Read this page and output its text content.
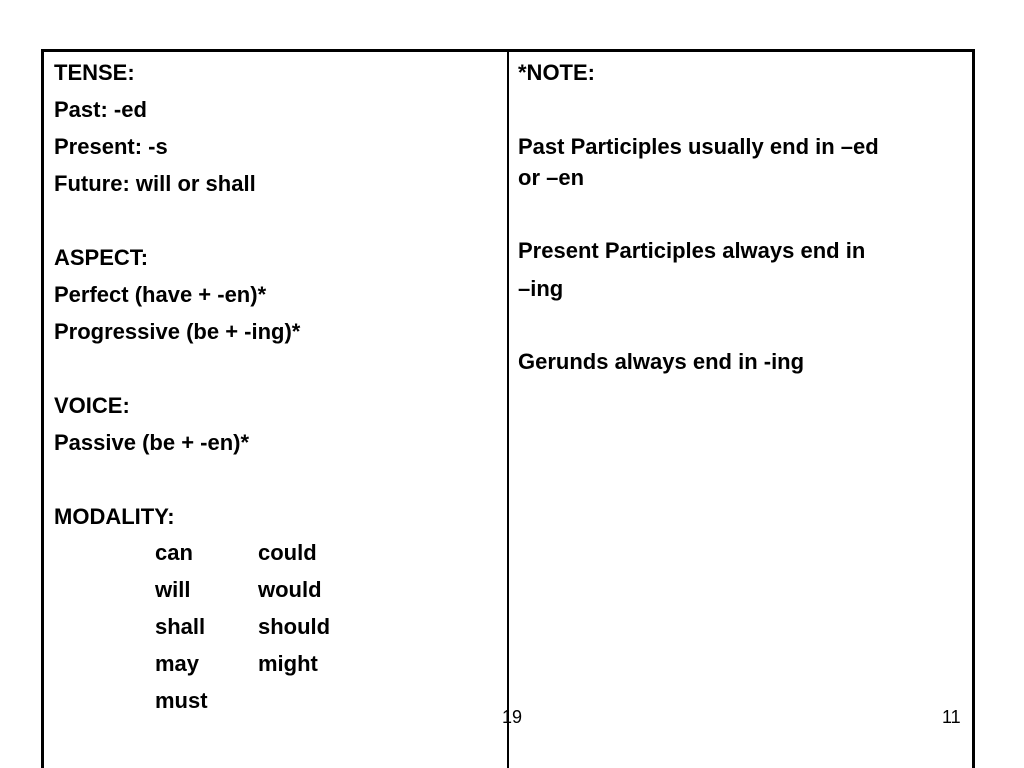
TENSE:
Past: -ed
Present: -s
Future: will or shall
ASPECT:
Perfect (have + -en)*
Progressive (be + -ing)*
VOICE:
Passive (be + -en)*
MODALITY:
can	could
will	would
shall should
may	might
must
*NOTE:
Past Participles usually end in –ed
or –en
Present Participles always end in
–ing
Gerunds always end in -ing
19	11
